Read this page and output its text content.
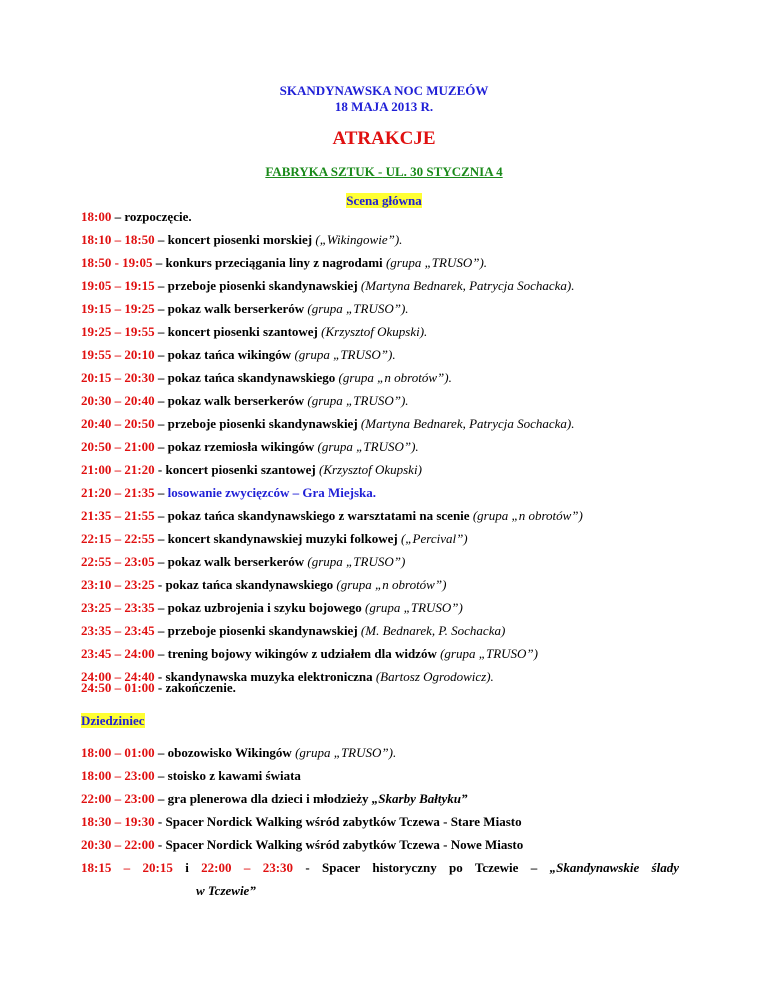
SKANDYNAWSKA NOC MUZEÓW
18 MAJA 2013 R.
ATRAKCJE
FABRYKA SZTUK - UL. 30 STYCZNIA 4
Scena główna
18:00 – rozpoczęcie.
18:10 – 18:50 – koncert piosenki morskiej („Wikingowie”).
18:50 - 19:05 – konkurs przeciągania liny z nagrodami (grupa „TRUSO”).
19:05 – 19:15 – przeboje piosenki skandynawskiej (Martyna Bednarek, Patrycja Sochacka).
19:15 – 19:25 – pokaz walk berserkerów (grupa „TRUSO”).
19:25 – 19:55 – koncert piosenki szantowej (Krzysztof Okupski).
19:55 – 20:10 – pokaz tańca wikingów (grupa „TRUSO”).
20:15 – 20:30 – pokaz tańca skandynawskiego (grupa „n obrotów”).
20:30 – 20:40 – pokaz walk berserkerów (grupa „TRUSO”).
20:40 – 20:50 – przeboje piosenki skandynawskiej (Martyna Bednarek, Patrycja Sochacka).
20:50 – 21:00 – pokaz rzemiosła wikingów (grupa „TRUSO”).
21:00 – 21:20 - koncert piosenki szantowej (Krzysztof Okupski)
21:20 – 21:35 – losowanie zwycięzców – Gra Miejska.
21:35 – 21:55 – pokaz tańca skandynawskiego z warsztatami na scenie (grupa „n obrotów”)
22:15 – 22:55 – koncert skandynawskiej muzyki folkowej („Percival”)
22:55 – 23:05 – pokaz walk berserkerów (grupa „TRUSO”)
23:10 – 23:25 - pokaz tańca skandynawskiego (grupa „n obrotów”)
23:25 – 23:35 – pokaz uzbrojenia i szyku bojowego (grupa „TRUSO”)
23:35 – 23:45 – przeboje piosenki skandynawskiej (M. Bednarek, P. Sochacka)
23:45 – 24:00 – trening bojowy wikingów z udziałem dla widzów (grupa „TRUSO”)
24:00 – 24:40 - skandynawska muzyka elektroniczna (Bartosz Ogrodowicz).
24:50 – 01:00 - zakończenie.
Dziedziniec
18:00 – 01:00 – obozowisko Wikingów (grupa „TRUSO”).
18:00 – 23:00 – stoisko z kawami świata
22:00 – 23:00 – gra plenerowa dla dzieci i młodzieży „Skarby Bałtyku”
18:30 – 19:30 - Spacer Nordick Walking wśród zabytków Tczewa - Stare Miasto
20:30 – 22:00 - Spacer Nordick Walking wśród zabytków Tczewa - Nowe Miasto
18:15 – 20:15 i 22:00 – 23:30 - Spacer historyczny po Tczewie – „Skandynawskie ślady
w Tczewie”
